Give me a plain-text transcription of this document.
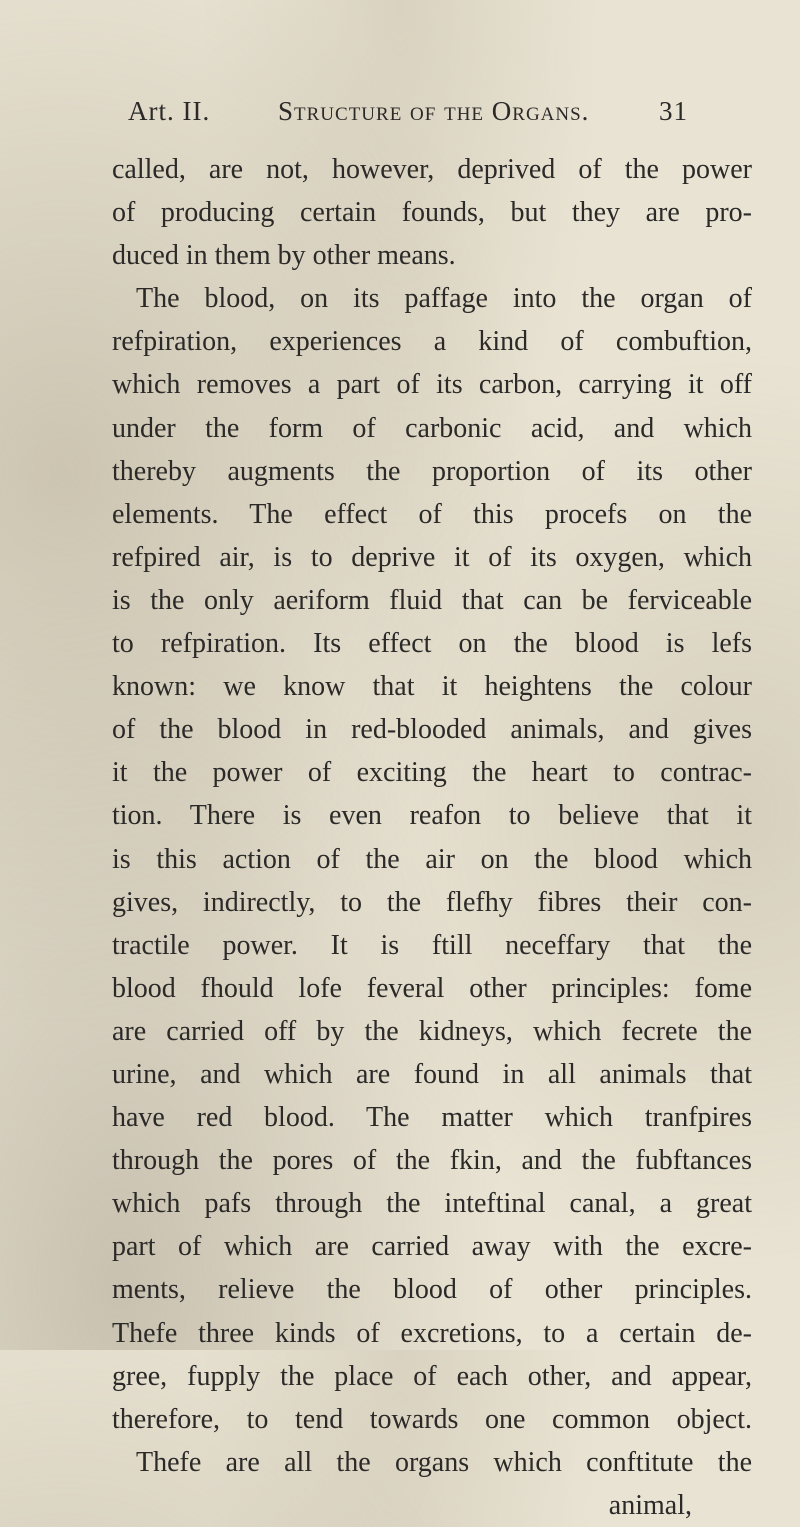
Art. II.	Structure of the Organs.	31
called, are not, however, deprived of the power
of producing certain founds, but they are pro-
duced in them by other means.
The blood, on its paffage into the organ of
refpiration, experiences a kind of combuftion,
which removes a part of its carbon, carrying it off
under the form of carbonic acid, and which
thereby augments the proportion of its other
elements. The effect of this procefs on the
refpired air, is to deprive it of its oxygen, which
is the only aeriform fluid that can be ferviceable
to refpiration. Its effect on the blood is lefs
known: we know that it heightens the colour
of the blood in red-blooded animals, and gives
it the power of exciting the heart to contrac-
tion. There is even reafon to believe that it
is this action of the air on the blood which
gives, indirectly, to the flefhy fibres their con-
tractile power. It is ftill neceffary that the
blood fhould lofe feveral other principles: fome
are carried off by the kidneys, which fecrete the
urine, and which are found in all animals that
have red blood. The matter which tranfpires
through the pores of the fkin, and the fubftances
which pafs through the inteftinal canal, a great
part of which are carried away with the excre-
ments, relieve the blood of other principles.
Thefe three kinds of excretions, to a certain de-
gree, fupply the place of each other, and appear,
therefore, to tend towards one common object.
Thefe are all the organs which conftitute the
animal,
